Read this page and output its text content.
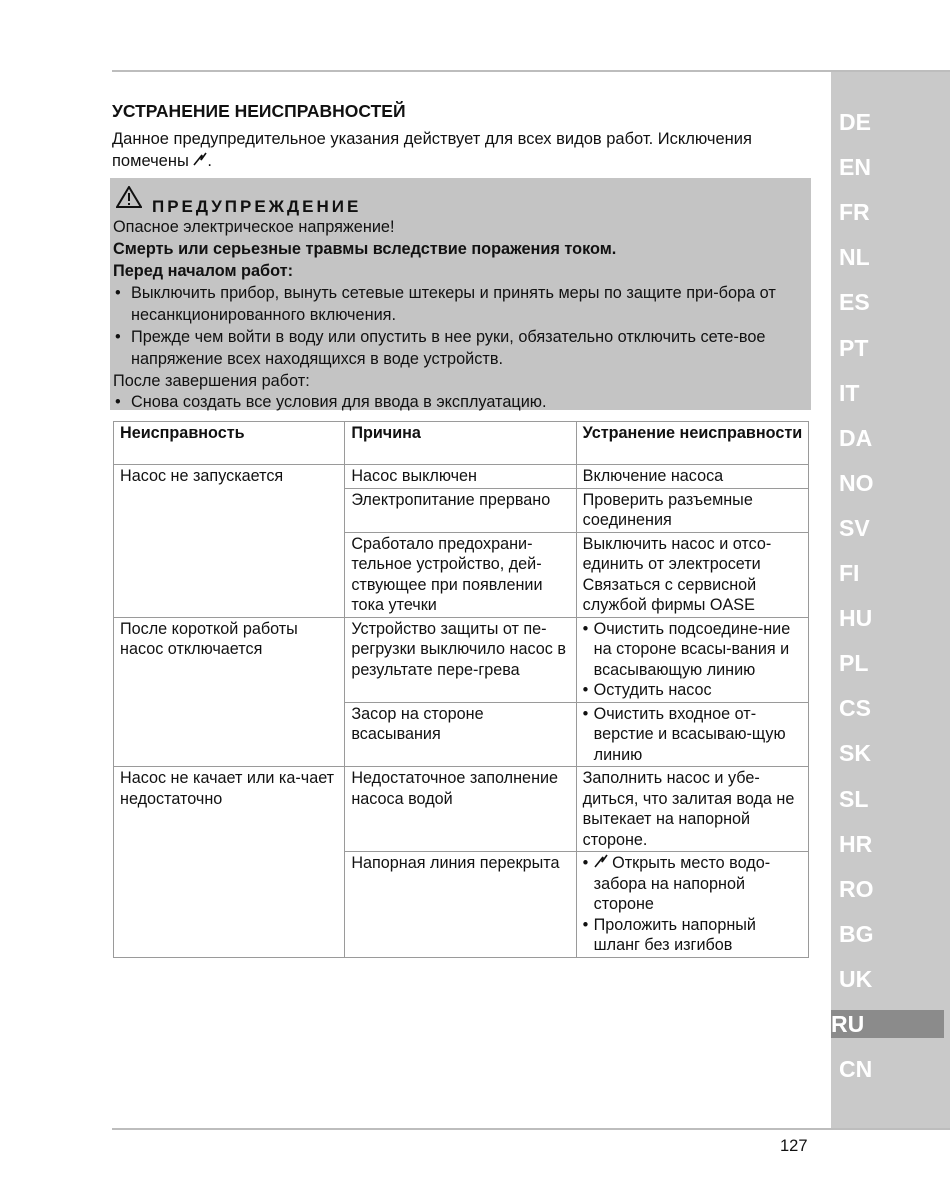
DE
EN
FR
NL
ES
PT
IT
DA
NO
SV
FI
HU
PL
CS
SK
SL
HR
RO
BG
UK
RU
CN
УСТРАНЕНИЕ НЕИСПРАВНОСТЕЙ
Данное предупредительное указания действует для всех видов работ. Исключения помечены .
ПРЕДУПРЕЖДЕНИЕ
Опасное электрическое напряжение!
Смерть или серьезные травмы вследствие поражения током.
Перед началом работ:
• Выключить прибор, вынуть сетевые штекеры и принять меры по защите при-бора от несанкционированного включения.
• Прежде чем войти в воду или опустить в нее руки, обязательно отключить сете-вое напряжение всех находящихся в воде устройств.
После завершения работ:
• Снова создать все условия для ввода в эксплуатацию.
Неисправность	Причина	Устранение неисправности
Насос не запускается	Насос выключен	Включение насоса
	Электропитание прервано	Проверить разъемные соединения
	Сработало предохрани-тельное устройство, дей-ствующее при появлении тока утечки	Выключить насос и отсо-единить от электросети
Связаться с сервисной службой фирмы OASE

После короткой работы насос отключается	Устройство защиты от пе-регрузки выключило насос в результате пере-грева	• Очистить подсоедине-ние на стороне всасы-вания и всасывающую линию
• Остудить насос

	Засор на стороне всасывания	• Очистить входное от-верстие и всасываю-щую линию

Насос не качает или ка-чает недостаточно	Недостаточное заполнение насоса водой	Заполнить насос и убе-диться, что залитая вода не вытекает на напорной стороне.
	Напорная линия перекрыта	• Открыть место водо-забора на напорной стороне
• Проложить напорный шланг без изгибов
127
